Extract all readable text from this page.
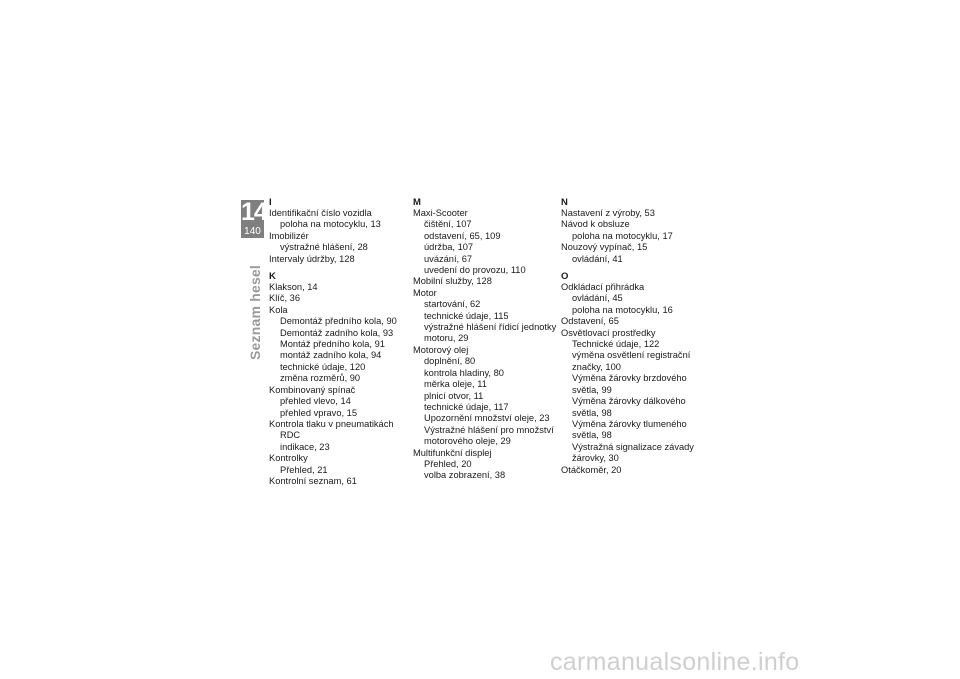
14
140
Seznam hesel
I
Identifikační číslo vozidla
poloha na motocyklu, 13
Imobilizér
výstražné hlášení, 28
Intervaly údržby, 128
K
Klakson, 14
Klíč, 36
Kola
Demontáž předního kola, 90
Demontáž zadního kola, 93
Montáž předního kola, 91
montáž zadního kola, 94
technické údaje, 120
změna rozměrů, 90
Kombinovaný spínač
přehled vlevo, 14
přehled vpravo, 15
Kontrola tlaku v pneumatikách
RDC
indikace, 23
Kontrolky
Přehled, 21
Kontrolní seznam, 61
M
Maxi-Scooter
čištění, 107
odstavení, 65, 109
údržba, 107
uvázání, 67
uvedení do provozu, 110
Mobilní služby, 128
Motor
startování, 62
technické údaje, 115
výstražné hlášení řídicí jednotky
motoru, 29
Motorový olej
doplnění, 80
kontrola hladiny, 80
měrka oleje, 11
plnicí otvor, 11
technické údaje, 117
Upozornění množství oleje, 23
Výstražné hlášení pro množství
motorového oleje, 29
Multifunkční displej
Přehled, 20
volba zobrazení, 38
N
Nastavení z výroby, 53
Návod k obsluze
poloha na motocyklu, 17
Nouzový vypínač, 15
ovládání, 41
O
Odkládací přihrádka
ovládání, 45
poloha na motocyklu, 16
Odstavení, 65
Osvětlovací prostředky
Technické údaje, 122
výměna osvětlení registrační
značky, 100
Výměna žárovky brzdového
světla, 99
Výměna žárovky dálkového
světla, 98
Výměna žárovky tlumeného
světla, 98
Výstražná signalizace závady
žárovky, 30
Otáčkoměr, 20
carmanualsonline.info
